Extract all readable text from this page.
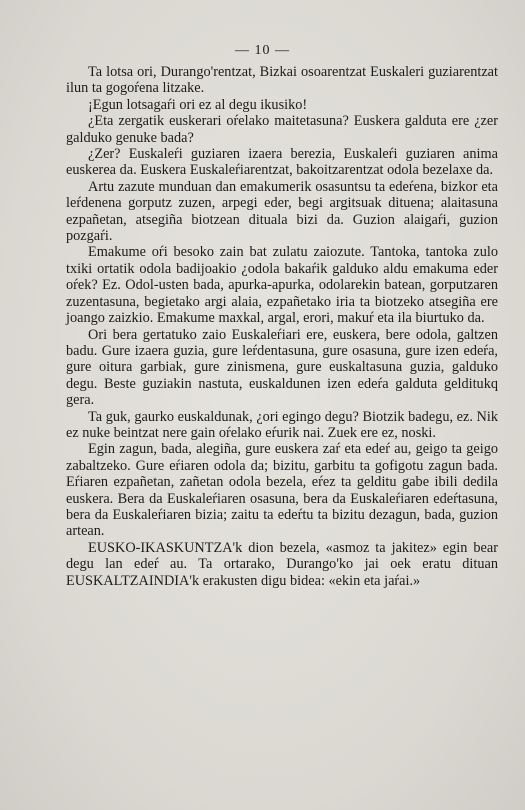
— 10 —

Ta lotsa ori, Durango'rentzat, Bizkai osoarentzat Euskaleri guziarentzat ilun ta gogoŕena litzake.

¡Egun lotsagaŕi ori ez al degu ikusiko!

¿Eta zergatik euskerari oŕelako maitetasuna? Euskera galduta ere ¿zer galduko genuke bada?

¿Zer? Euskaleŕi guziaren izaera berezia, Euskaleŕi guziaren anima euskerea da. Euskera Euskaleŕiarentzat, bakoitzarentzat odola bezelaxe da.

Artu zazute munduan dan emakumerik osasuntsu ta edeŕena, bizkor eta leŕdenena gorputz zuzen, arpegi eder, begi argitsuak dituena; alaitasuna ezpañetan, atsegiña biotzean dituala bizi da. Guzion alaigaŕi, guzion pozgaŕi.

Emakume oŕi besoko zain bat zulatu zaiozute. Tantoka, tantoka zulo txiki ortatik odola badijoakio ¿odola bakaŕik galduko aldu emakuma eder oŕek? Ez. Odol-usten bada, apurka-apurka, odolarekin batean, gorputzaren zuzentasuna, begietako argi alaia, ezpañetako iria ta biotzeko atsegiña ere joango zaizkio. Emakume maxkal, argal, erori, makuŕ eta ila biurtuko da.

Ori bera gertatuko zaio Euskaleŕiari ere, euskera, bere odola, galtzen badu. Gure izaera guzia, gure leŕdentasuna, gure osasuna, gure izen edeŕa, gure oitura garbiak, gure zinismena, gure euskaltasuna guzia, galduko degu. Beste guziakin nastuta, euskaldunen izen edeŕa galduta gelditukq gera.

Ta guk, gaurko euskaldunak, ¿ori egingo degu? Biotzik badegu, ez. Nik ez nuke beintzat nere gain oŕelako eŕurik nai. Zuek ere ez, noski.

Egin zagun, bada, alegiña, gure euskera zaŕ eta edeŕ au, geigo ta geigo zabaltzeko. Gure eŕiaren odola da; bizitu, garbitu ta gofigotu zagun bada. Eŕiaren ezpañetan, zañetan odola bezela, eŕez ta gelditu gabe ibili dedila euskera. Bera da Euskaleŕiaren osasuna, bera da Euskaleŕiaren edeŕtasuna, bera da Euskaleŕiaren bizia; zaitu ta edeŕtu ta bizitu dezagun, bada, guzion artean.

EUSKO-IKASKUNTZA'k dion bezela, «asmoz ta jakitez» egin bear degu lan edeŕ au. Ta ortarako, Durango'ko jai oek eratu dituan EUSKALTZAINDIA'k erakusten digu bidea: «ekin eta jaŕai.»
